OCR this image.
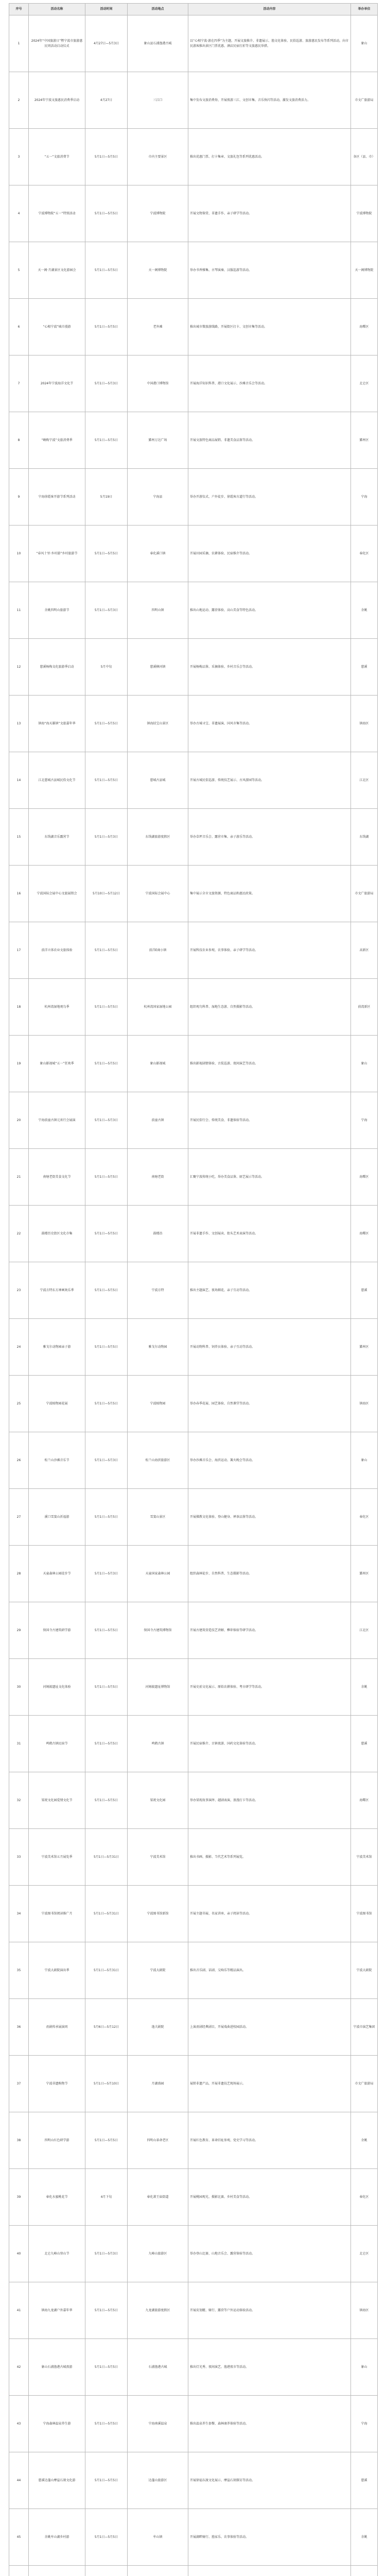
序号	活动名称	活动时间	活动地点	活动内容	举办单位
1	2024年“中国旅游日”暨宁波市旅游惠民周活动启动仪式	4月27日—5月3日	象山县石浦渔港古城	以“心相宁波·游在四季”为主题，开展文旅推介、非遗展示、渔文化体验、民俗巡游、旅游惠民发布等系列活动，向市民游客推出景区门票优惠、酒店民宿打折等文旅惠民举措。	象山
2	2024年宁波文旅惠民消费季启动	4月27日	三江口	集中发布文旅消费券，开展夜游三江、文创市集、音乐快闪等活动，激发文旅消费活力。	市文广旅游局
3	“五一”文旅消费节	5月1日—5月5日	市内主要景区	推出优惠门票、打卡集章、文旅礼包等系列优惠活动。	各区（县、市）
4	宁波博物院“五一”特别活动	5月1日—5月5日	宁波博物院	开展文物鉴赏、非遗手作、亲子研学等活动。	宁波博物院
5	天一阁·月湖景区文化游园会	5月1日—5月5日	天一阁博物院	举办书香雅集、古琴演奏、汉服巡游等活动。	天一阁博物院
6	“心相宁波”城市漫游	5月1日—5月5日	老外滩	推出城市微旅游线路，开展街区打卡、文创市集等活动。	海曙区
7	2024年宁波海洋文化节	5月1日—5月3日	中国港口博物馆	开展海洋知识科普、港口文化展示、沙滩音乐会等活动。	北仑区
8	“嗨购宁波”文旅消费季	5月1日—5月5日	鄞州万达广场	开展文旅特色商品展销、非遗美食品鉴等活动。	鄞州区
9	宁海徐霞客开游节系列活动	5月19日	宁海县	举办开游仪式、户外徒步、徐霞客古道行等活动。	宁海
10	“春风十里·乡村游”乡村旅游节	5月1日—5月5日	奉化溪口镇	开展田园采摘、农耕体验、民宿推介等活动。	奉化区
11	余姚四明山旅游节	5月1日—5月3日	四明山镇	推出山地运动、露营体验、高山美食等特色活动。	余姚
12	慈溪杨梅文化旅游季启动	5月中旬	慈溪横河镇	开展杨梅品鉴、采摘体验、乡村音乐会等活动。	慈溪
13	镇海“海天雄镇”文旅嘉年华	5月1日—5月5日	镇海招宝山景区	举办古城寻宝、非遗展演、国风市集等活动。	镇海区
14	江北慈城古县城民俗文化节	5月1日—5月5日	慈城古县城	开展古城民俗巡游、传统技艺展示、古风游园等活动。	江北区
15	东钱湖音乐露营节	5月1日—5月3日	东钱湖旅游度假区	举办草坪音乐会、露营市集、亲子游乐等活动。	东钱湖
16	宁波国际会展中心文旅展销会	5月10日—5月12日	宁波国际会展中心	集中展示全市文旅资源、特色商品和惠民政策。	市文广旅游局
17	前洋立体农业文旅体验	5月1日—5月5日	前洋E商小镇	开展科技农业参观、农事体验、亲子研学等活动。	高新区
18	杭州湾湿地观鸟季	5月1日—5月5日	杭州湾国家湿地公园	组织观鸟科普、湿地生态游、自然摄影等活动。	前湾新区
19	象山影视城“五一”狂欢季	5月1日—5月5日	象山影视城	推出影视剧情体验、古装巡游、夜间演艺等活动。	象山
20	宁海前童古镇元宵行会展演	5月1日—5月3日	前童古镇	开展民俗行会、传统美食、非遗体验等活动。	宁海
21	南塘老街美食文化节	5月1日—5月5日	南塘老街	汇聚宁波传统小吃，举办美食品鉴、厨艺展示等活动。	海曙区
22	鼓楼历史街区文化市集	5月1日—5月5日	鼓楼沿	开展非遗手作、文创展卖、街头艺术表演等活动。	海曙区
23	宁波方特东方神画欢乐季	5月1日—5月5日	宁波方特	推出主题演艺、夜场烟花、亲子互动等活动。	慈溪
24	雅戈尔动物园亲子游	5月1日—5月5日	雅戈尔动物园	开展动物科普、饲养员体验、亲子互动等活动。	鄞州区
25	宁波植物园花展	5月1日—5月5日	宁波植物园	举办春季花展、园艺体验、自然课堂等活动。	镇海区
26	松兰山沙滩音乐节	5月1日—5月3日	松兰山海滨旅游区	举办沙滩音乐会、海滨运动、篝火晚会等活动。	象山
27	溪口雪窦山祈福游	5月1日—5月5日	雪窦山景区	开展佛教文化体验、登山健身、禅茶品鉴等活动。	奉化区
28	天童森林公园徒步节	5月1日—5月3日	天童国家森林公园	组织森林徒步、自然科普、生态摄影等活动。	鄞州区
29	保国寺古建筑研学游	5月1日—5月5日	保国寺古建筑博物馆	开展古建筑营造技艺讲解、榫卯体验等研学活动。	江北区
30	河姆渡遗址文化体验	5月1日—5月5日	河姆渡遗址博物馆	开展史前文化展示、原始农耕体验、考古研学等活动。	余姚
31	鸣鹤古镇民宿节	5月1日—5月5日	鸣鹤古镇	开展民宿推介、古镇夜游、国药文化体验等活动。	慈溪
32	梁祝文化园爱情文化节	5月1日—5月5日	梁祝文化园	举办梁祝故事演绎、越剧表演、浪漫打卡等活动。	海曙区
33	宁波美术馆五月展览季	5月1日—5月31日	宁波美术馆	推出书画、摄影、当代艺术等系列展览。	宁波美术馆
34	宁波图书馆阅读推广月	5月1日—5月31日	宁波图书馆新馆	开展主题书展、名家讲座、亲子阅读等活动。	宁波图书馆
35	宁波大剧院演出季	5月1日—5月31日	宁波大剧院	推出音乐剧、话剧、交响乐等精品演出。	宁波大剧院
36	甬剧传承展演周	5月6日—5月12日	逸夫剧院	上演甬剧经典剧目，开展戏曲进校园活动。	宁波市演艺集团
37	宁波非遗购物节	5月1日—5月10日	月湖盛园	展销非遗产品，开展非遗技艺现场展示。	市文广旅游局
38	四明山红色研学游	5月1日—5月5日	四明山革命老区	开展红色教育、革命旧址参观、党史学习等活动。	余姚
39	奉化水蜜桃花节	4月下旬	奉化萧王庙街道	开展桃园观光、摄影比赛、乡村美食等活动。	奉化区
40	北仑九峰山登山节	5月1日—5月3日	九峰山旅游区	举办登山比赛、山地音乐会、露营体验等活动。	北仑区
41	镇海九龙湖户外嘉年华	5月1日—5月5日	九龙湖旅游度假区	开展皮划艇、骑行、露营等户外运动体验活动。	镇海区
42	象山石浦渔港古城夜游	5月1日—5月5日	石浦渔港古城	推出灯光秀、夜间演艺、渔港夜市等活动。	象山
43	宁海森林温泉养生游	5月1日—5月5日	宁海南溪温泉	推出温泉养生套餐、森林康养体验等活动。	宁海
44	慈溪达蓬山摩崖石刻文化游	5月1日—5月5日	达蓬山旅游区	开展徐福东渡文化展示、摩崖石刻探访等活动。	慈溪
45	余姚牟山湖乡村游	5月1日—5月5日	牟山镇	开展湖畔骑行、渔家乐、农事体验等活动。	余姚
